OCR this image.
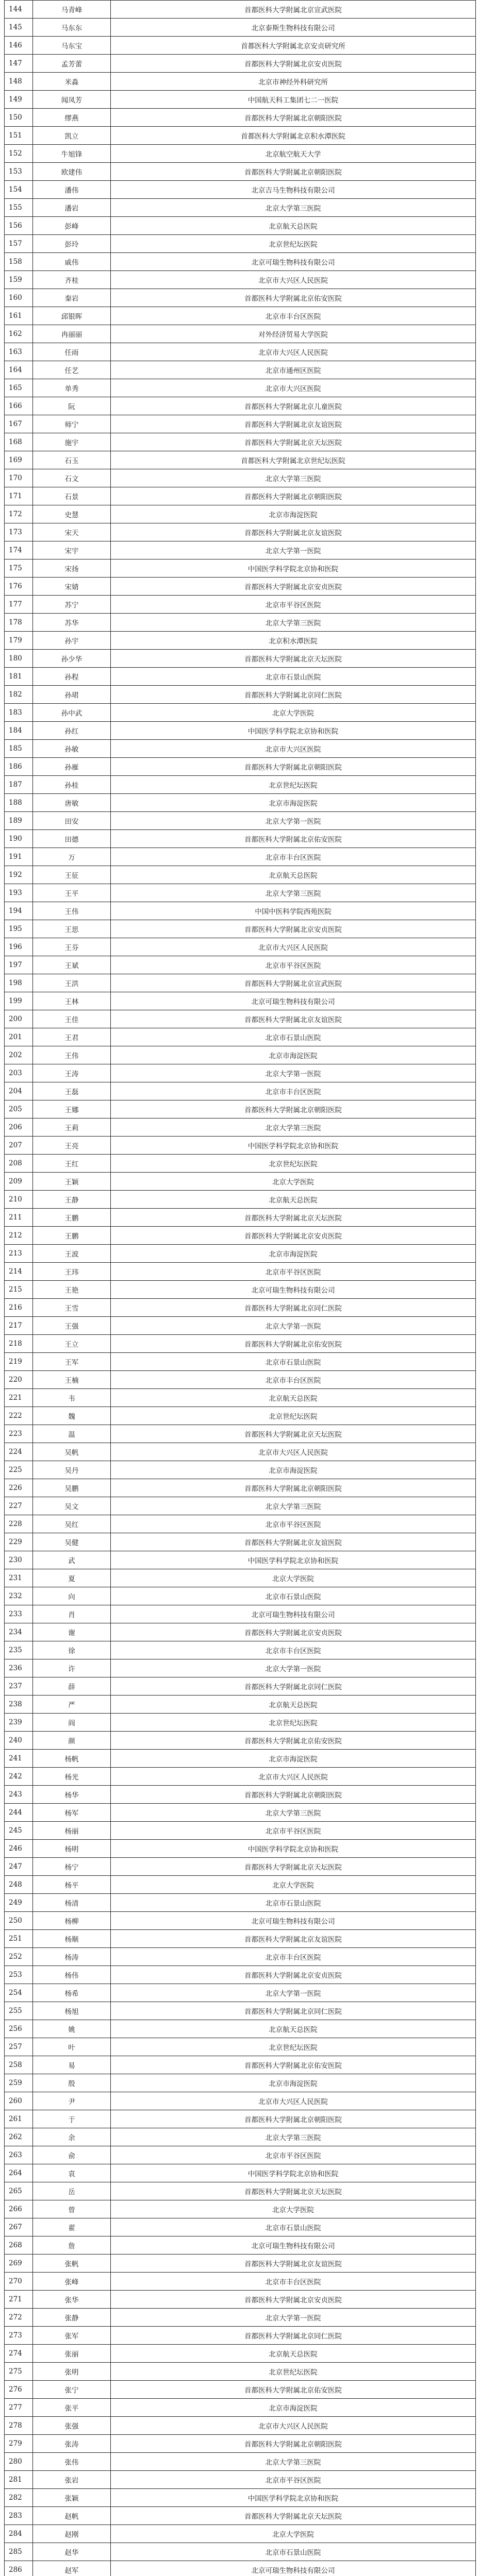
144	马青峰	首都医科大学附属北京宣武医院
145	马东东	北京泰斯生物科技有限公司
146	马东宝	首都医科大学附属北京安贞研究所
147	孟芳蕾	首都医科大学附属北京安贞医院
148	米淼	北京市神经外科研究所
149	闻凤芳	中国航天科工集团七二一医院
150	缪燕	首都医科大学附属北京朝阳医院
151	凯立	首都医科大学附属北京积水潭医院
152	牛旭锋	北京航空航天大学
153	欧建伟	首都医科大学附属北京朝阳医院
154	潘伟	北京吉马生物科技有限公司
155	潘岩	北京大学第三医院
156	彭峰	北京航天总医院
157	彭玲	北京世纪坛医院
158	戚伟	北京可瑞生物科技有限公司
159	齐桂	北京市大兴区人民医院
160	秦岩	首都医科大学附属北京佑安医院
161	邱银晖	北京市丰台区医院
162	冉丽丽	对外经济贸易大学医院
163	任雨	北京市大兴区人民医院
164	任艺	北京市通州区医院
165	单秀	北京市大兴区医院
166	阮	首都医科大学附属北京儿童医院
167	师宁	首都医科大学附属北京友谊医院
168	施宇	首都医科大学附属北京天坛医院
169	石玉	首都医科大学附属北京世纪坛医院
170	石文	北京大学第三医院
171	石景	首都医科大学附属北京朝阳医院
172	史慧	北京市海淀医院
173	宋天	首都医科大学附属北京友谊医院
174	宋宇	北京大学第一医院
175	宋扬	中国医学科学院北京协和医院
176	宋婧	首都医科大学附属北京安贞医院
177	苏宁	北京市平谷区医院
178	苏华	北京大学第三医院
179	孙宇	北京积水潭医院
180	孙少华	首都医科大学附属北京天坛医院
181	孙程	北京市石景山医院
182	孙珺	首都医科大学附属北京同仁医院
183	孙中武	北京大学医院
184	孙红	中国医学科学院北京协和医院
185	孙敏	北京市大兴区医院
186	孙雁	首都医科大学附属北京朝阳医院
187	孙桂	北京世纪坛医院
188	唐敏	北京市海淀医院
189	田安	北京大学第一医院
190	田德	首都医科大学附属北京佑安医院
191	万	北京市丰台区医院
192	王征	北京航天总医院
193	王平	北京大学第三医院
194	王伟	中国中医科学院西苑医院
195	王思	首都医科大学附属北京安贞医院
196	王芬	北京市大兴区人民医院
197	王斌	北京市平谷区医院
198	王洪	首都医科大学附属北京宣武医院
199	王林	北京可瑞生物科技有限公司
200	王佳	首都医科大学附属北京友谊医院
201	王君	北京市石景山医院
202	王伟	北京市海淀医院
203	王涛	北京大学第一医院
204	王磊	北京市丰台区医院
205	王娜	首都医科大学附属北京朝阳医院
206	王莉	北京大学第三医院
207	王亮	中国医学科学院北京协和医院
208	王红	北京世纪坛医院
209	王颖	北京大学医院
210	王静	北京航天总医院
211	王鹏	首都医科大学附属北京天坛医院
212	王鹏	首都医科大学附属北京安贞医院
213	王波	北京市海淀医院
214	王玮	北京市平谷区医院
215	王艳	北京可瑞生物科技有限公司
216	王雪	首都医科大学附属北京同仁医院
217	王强	北京大学第一医院
218	王立	首都医科大学附属北京佑安医院
219	王军	北京市石景山医院
220	王楠	北京市丰台区医院
221	韦	北京航天总医院
222	魏	北京世纪坛医院
223	温	首都医科大学附属北京天坛医院
224	吴帆	北京市大兴区人民医院
225	吴丹	北京市海淀医院
226	吴鹏	首都医科大学附属北京朝阳医院
227	吴文	北京大学第三医院
228	吴红	北京市平谷区医院
229	吴健	首都医科大学附属北京友谊医院
230	武	中国医学科学院北京协和医院
231	夏	北京大学医院
232	向	北京市石景山医院
233	肖	北京可瑞生物科技有限公司
234	谢	首都医科大学附属北京安贞医院
235	徐	北京市丰台区医院
236	许	北京大学第一医院
237	薛	首都医科大学附属北京同仁医院
238	严	北京航天总医院
239	阎	北京世纪坛医院
240	颜	首都医科大学附属北京佑安医院
241	杨帆	北京市海淀医院
242	杨光	北京市大兴区人民医院
243	杨华	首都医科大学附属北京朝阳医院
244	杨军	北京大学第三医院
245	杨丽	北京市平谷区医院
246	杨明	中国医学科学院北京协和医院
247	杨宁	首都医科大学附属北京天坛医院
248	杨平	北京大学医院
249	杨清	北京市石景山医院
250	杨柳	北京可瑞生物科技有限公司
251	杨顺	首都医科大学附属北京友谊医院
252	杨涛	北京市丰台区医院
253	杨伟	首都医科大学附属北京安贞医院
254	杨希	北京大学第一医院
255	杨旭	首都医科大学附属北京同仁医院
256	姚	北京航天总医院
257	叶	北京世纪坛医院
258	易	首都医科大学附属北京佑安医院
259	殷	北京市海淀医院
260	尹	北京市大兴区人民医院
261	于	首都医科大学附属北京朝阳医院
262	余	北京大学第三医院
263	俞	北京市平谷区医院
264	袁	中国医学科学院北京协和医院
265	岳	首都医科大学附属北京天坛医院
266	曾	北京大学医院
267	翟	北京市石景山医院
268	詹	北京可瑞生物科技有限公司
269	张帆	首都医科大学附属北京友谊医院
270	张峰	北京市丰台区医院
271	张华	首都医科大学附属北京安贞医院
272	张静	北京大学第一医院
273	张军	首都医科大学附属北京同仁医院
274	张丽	北京航天总医院
275	张明	北京世纪坛医院
276	张宁	首都医科大学附属北京佑安医院
277	张平	北京市海淀医院
278	张强	北京市大兴区人民医院
279	张涛	首都医科大学附属北京朝阳医院
280	张伟	北京大学第三医院
281	张岩	北京市平谷区医院
282	张颖	中国医学科学院北京协和医院
283	赵帆	首都医科大学附属北京天坛医院
284	赵刚	北京大学医院
285	赵华	北京市石景山医院
286	赵军	北京可瑞生物科技有限公司
